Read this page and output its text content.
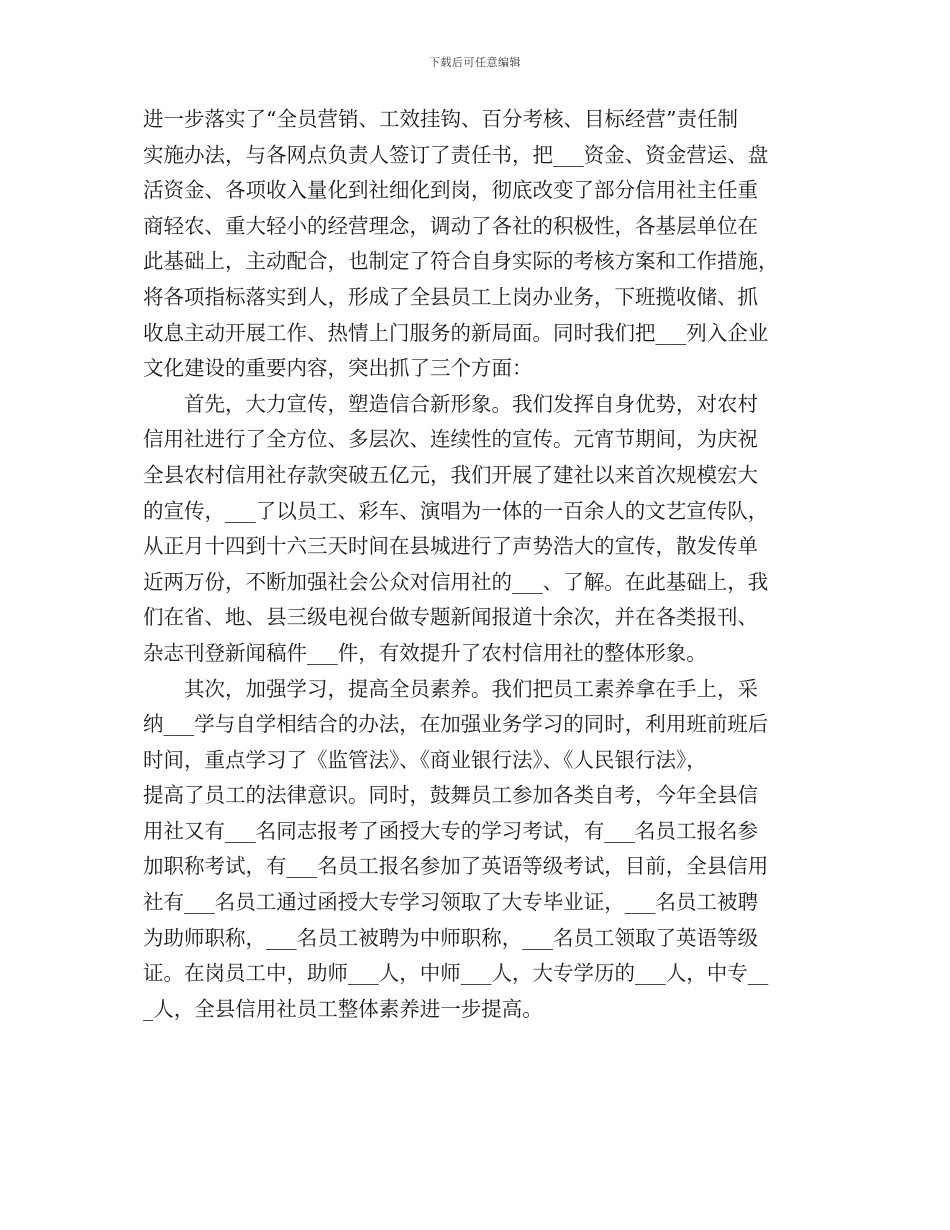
下载后可任意编辑
进一步落实了“全员营销、工效挂钩、百分考核、目标经营”责任制
实施办法，与各网点负责人签订了责任书，把___资金、资金营运、盘
活资金、各项收入量化到社细化到岗，彻底改变了部分信用社主任重
商轻农、重大轻小的经营理念，调动了各社的积极性，各基层单位在
此基础上，主动配合，也制定了符合自身实际的考核方案和工作措施，
将各项指标落实到人，形成了全县员工上岗办业务，下班揽收储、抓
收息主动开展工作、热情上门服务的新局面。同时我们把___列入企业
文化建设的重要内容，突出抓了三个方面：
首先，大力宣传，塑造信合新形象。我们发挥自身优势，对农村
信用社进行了全方位、多层次、连续性的宣传。元宵节期间，为庆祝
全县农村信用社存款突破五亿元，我们开展了建社以来首次规模宏大
的宣传，___了以员工、彩车、演唱为一体的一百余人的文艺宣传队，
从正月十四到十六三天时间在县城进行了声势浩大的宣传，散发传单
近两万份，不断加强社会公众对信用社的___、了解。在此基础上，我
们在省、地、县三级电视台做专题新闻报道十余次，并在各类报刊、
杂志刊登新闻稿件___件，有效提升了农村信用社的整体形象。
其次，加强学习，提高全员素养。我们把员工素养拿在手上，采
纳___学与自学相结合的办法，在加强业务学习的同时，利用班前班后
时间，重点学习了《监管法》、《商业银行法》、《人民银行法》，
提高了员工的法律意识。同时，鼓舞员工参加各类自考，今年全县信
用社又有___名同志报考了函授大专的学习考试，有___名员工报名参
加职称考试，有___名员工报名参加了英语等级考试，目前，全县信用
社有___名员工通过函授大专学习领取了大专毕业证，___名员工被聘
为助师职称，___名员工被聘为中师职称，___名员工领取了英语等级
证。在岗员工中，助师___人，中师___人，大专学历的___人，中专__
_人，全县信用社员工整体素养进一步提高。
